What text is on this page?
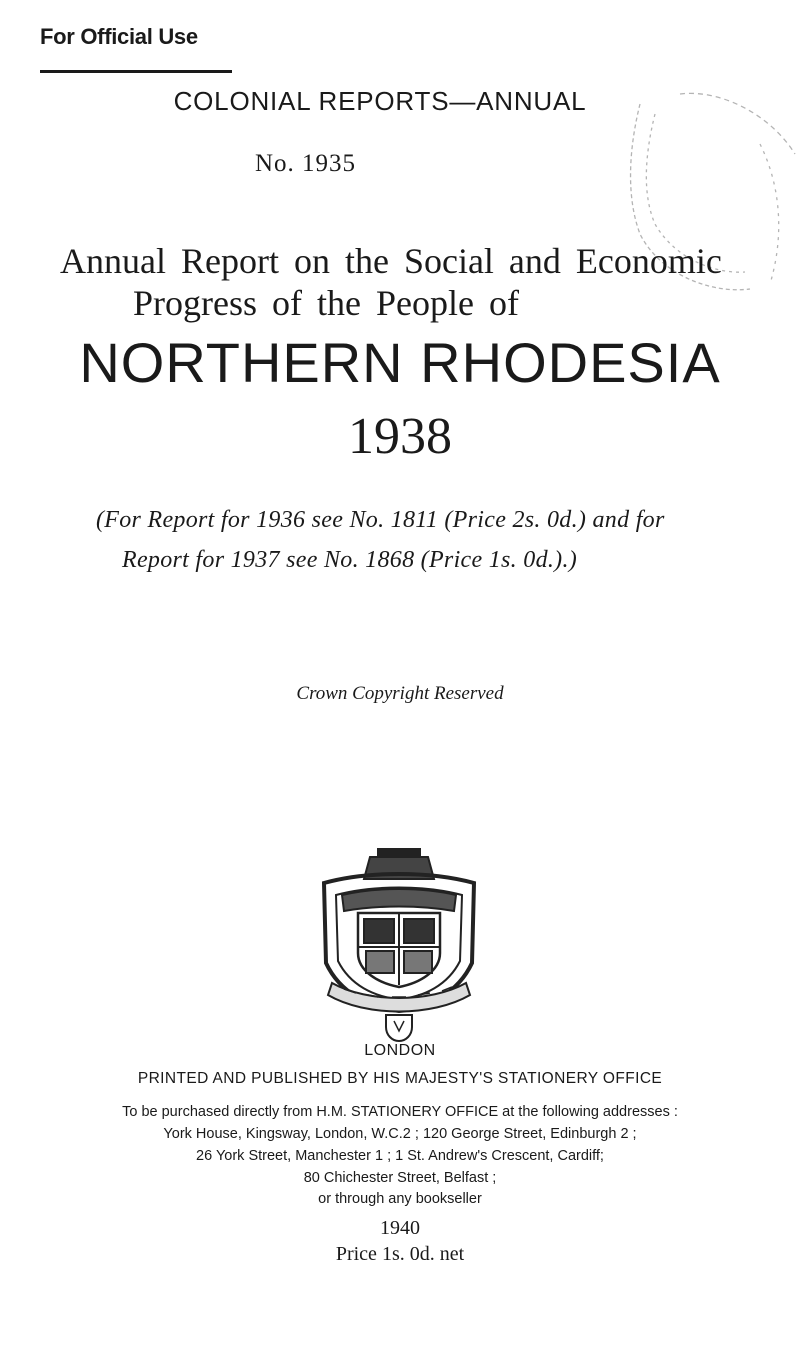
For Official Use
COLONIAL REPORTS—ANNUAL
No. 1935
Annual Report on the Social and Economic
Progress of the People of
NORTHERN RHODESIA
1938
(For Report for 1936 see No. 1811 (Price 2s. 0d.) and for
Report for 1937 see No. 1868 (Price 1s. 0d.).)
Crown Copyright Reserved
LONDON
PRINTED AND PUBLISHED BY HIS MAJESTY'S STATIONERY OFFICE
To be purchased directly from H.M. STATIONERY OFFICE at the following addresses :
York House, Kingsway, London, W.C.2 ; 120 George Street, Edinburgh 2 ;
26 York Street, Manchester 1 ; 1 St. Andrew's Crescent, Cardiff;
80 Chichester Street, Belfast ;
or through any bookseller
1940
Price 1s. 0d. net
